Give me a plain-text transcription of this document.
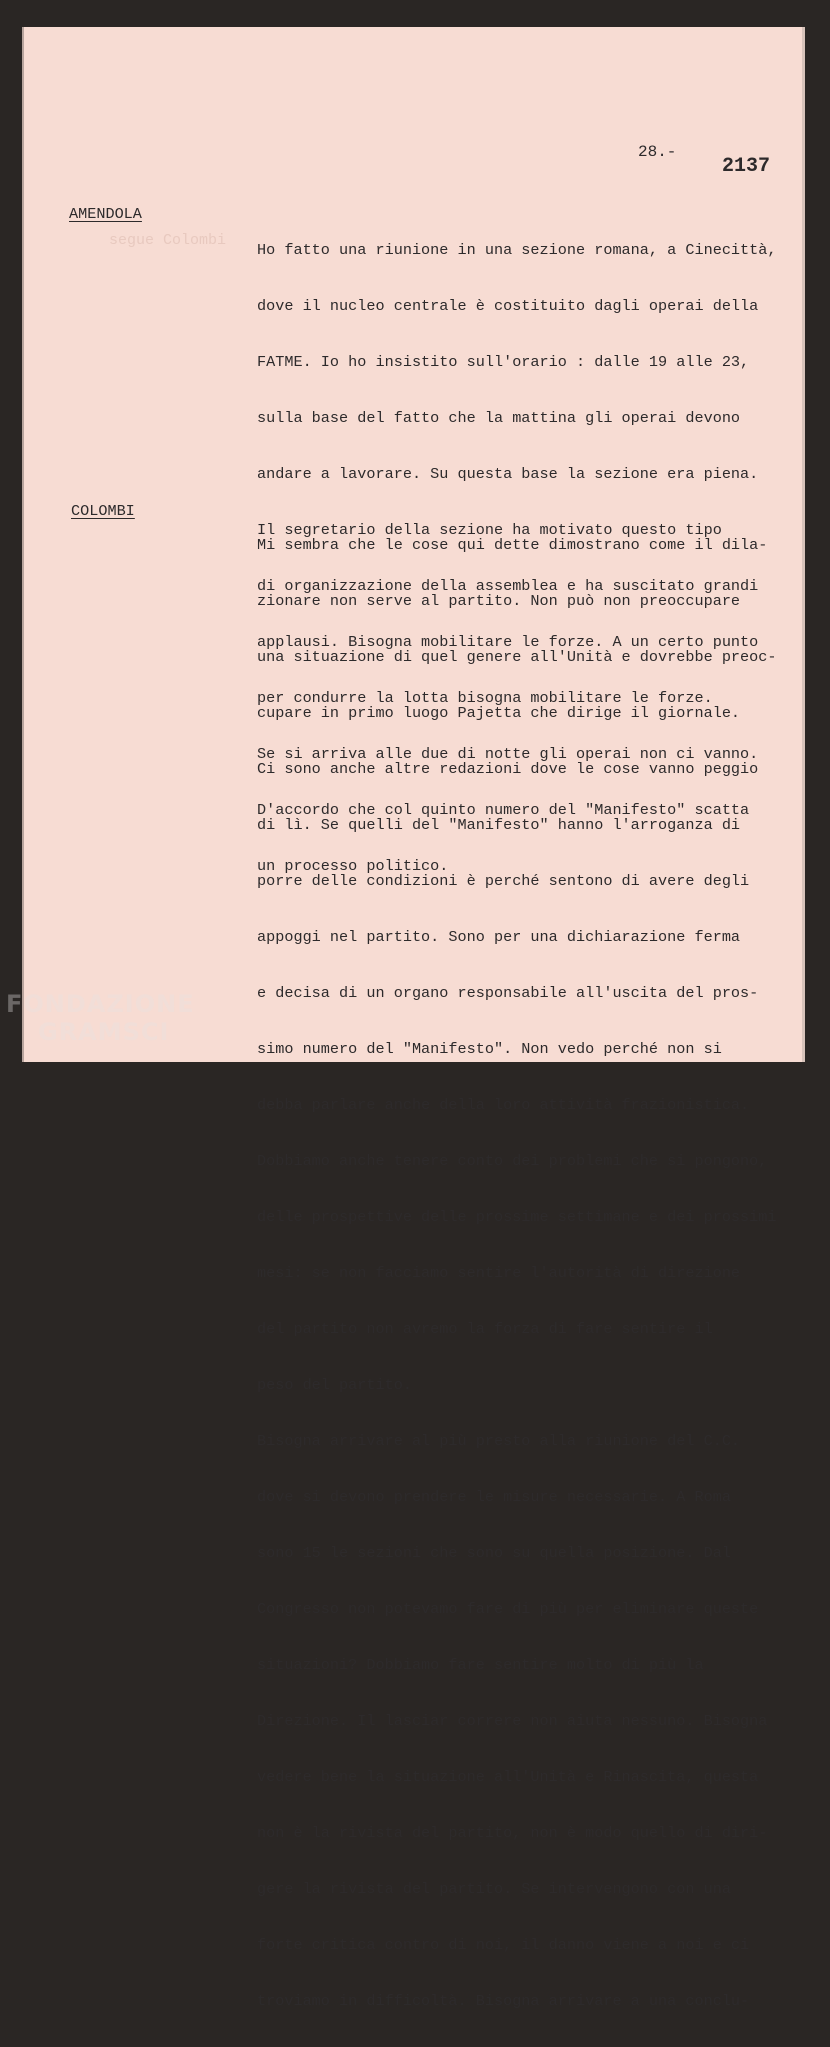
segue Colombi
28.-
2137
AMENDOLA

Ho fatto una riunione in una sezione romana, a Cinecittà,

dove il nucleo centrale è costituito dagli operai della

FATME. Io ho insistito sull'orario : dalle 19 alle 23,

sulla base del fatto che la mattina gli operai devono

andare a lavorare. Su questa base la sezione era piena.

Il segretario della sezione ha motivato questo tipo

di organizzazione della assemblea e ha suscitato grandi

applausi. Bisogna mobilitare le forze. A un certo punto

per condurre la lotta bisogna mobilitare le forze.

Se si arriva alle due di notte gli operai non ci vanno.

D'accordo che col quinto numero del "Manifesto" scatta

un processo politico.

COLOMBI

Mi sembra che le cose qui dette dimostrano come il dila-

zionare non serve al partito. Non può non preoccupare

una situazione di quel genere all'Unità e dovrebbe preoc-

cupare in primo luogo Pajetta che dirige il giornale.

Ci sono anche altre redazioni dove le cose vanno peggio

di lì. Se quelli del "Manifesto" hanno l'arroganza di

porre delle condizioni è perché sentono di avere degli

appoggi nel partito. Sono per una dichiarazione ferma

e decisa di un organo responsabile all'uscita del pros-

simo numero del "Manifesto". Non vedo perché non si

debba parlare anche della loro attività frazionistica.

Dobbiamo anche tenere conto dei problemi che si pongono,

delle prospettive delle prossime settimane e dei prossimi

mesi: se non facciamo sentire l'autorità di direzione

del partito non avremo la forza di fare sentire il

peso del partito.

Bisogna arrivare al più presto alla riunione del C.C.

dove si devono prendere le misure necessarie. A Roma

sono 15 le sezioni che sono su quella posizione. Dal

Congresso non potevamo fare di più per eliminare queste

situazioni? Dobbiamo fare sentire molto di più la

Direzione. Il lasciar correre non aiuta nessuno. Bisogna

vedere bene la situazione all'Unità e Rinascita, questa

non è la rivista del partito, non è modo quello di diri-

gere la rivista del partito. Se intervengono con una

forte critica contro di noi, il danno viene a noi e ci

troviamo in difficoltà. Bisogna arrivare a una conclu-

FONDAZIONE
GRAMSCI
